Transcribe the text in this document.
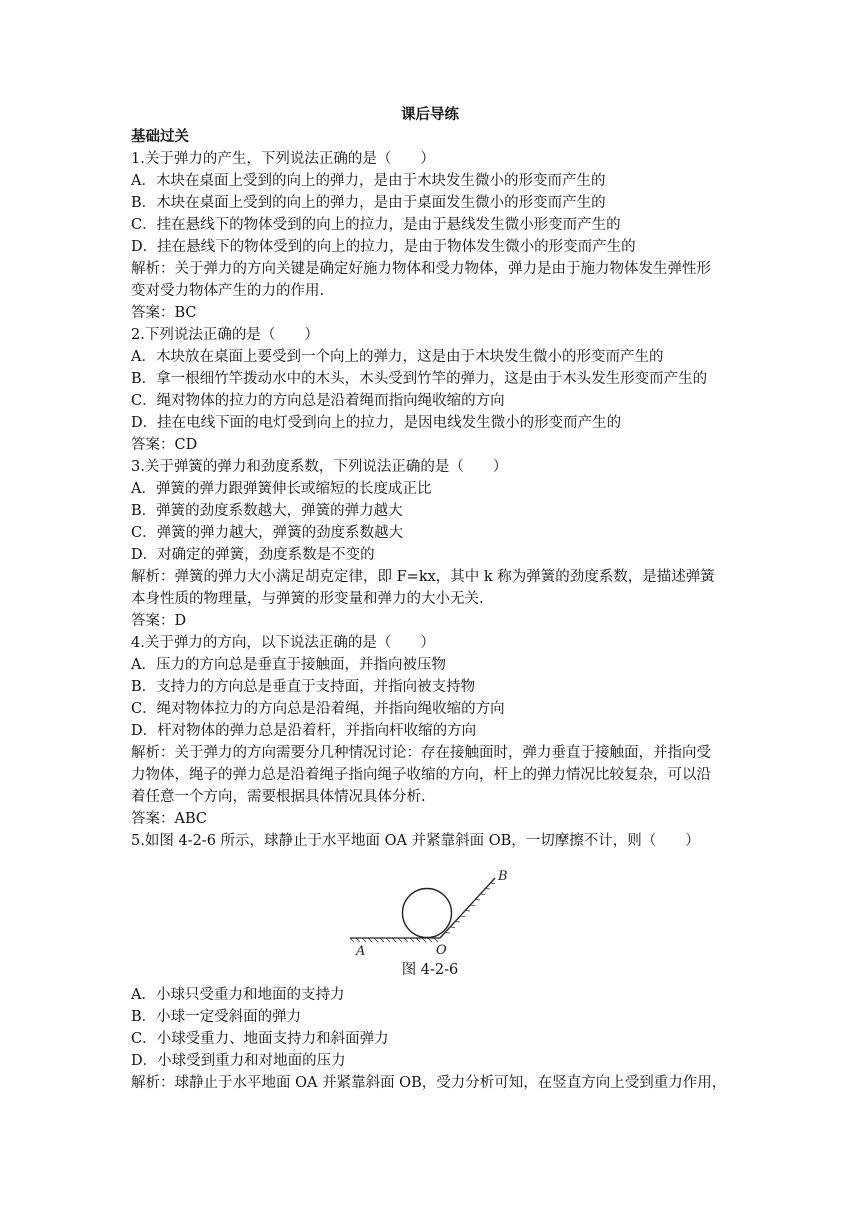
课后导练
基础过关
1.关于弹力的产生，下列说法正确的是（　　）
A．木块在桌面上受到的向上的弹力，是由于木块发生微小的形变而产生的
B．木块在桌面上受到的向上的弹力，是由于桌面发生微小的形变而产生的
C．挂在悬线下的物体受到的向上的拉力，是由于悬线发生微小形变而产生的
D．挂在悬线下的物体受到的向上的拉力，是由于物体发生微小的形变而产生的
解析：关于弹力的方向关键是确定好施力物体和受力物体，弹力是由于施力物体发生弹性形
变对受力物体产生的力的作用.
答案：BC
2.下列说法正确的是（　　）
A．木块放在桌面上要受到一个向上的弹力，这是由于木块发生微小的形变而产生的
B．拿一根细竹竿拨动水中的木头，木头受到竹竿的弹力，这是由于木头发生形变而产生的
C．绳对物体的拉力的方向总是沿着绳而指向绳收缩的方向
D．挂在电线下面的电灯受到向上的拉力，是因电线发生微小的形变而产生的
答案：CD
3.关于弹簧的弹力和劲度系数，下列说法正确的是（　　）
A．弹簧的弹力跟弹簧伸长或缩短的长度成正比
B．弹簧的劲度系数越大，弹簧的弹力越大
C．弹簧的弹力越大，弹簧的劲度系数越大
D．对确定的弹簧，劲度系数是不变的
解析：弹簧的弹力大小满足胡克定律，即 F=kx，其中 k 称为弹簧的劲度系数，是描述弹簧
本身性质的物理量，与弹簧的形变量和弹力的大小无关.
答案：D
4.关于弹力的方向，以下说法正确的是（　　）
A．压力的方向总是垂直于接触面，并指向被压物
B．支持力的方向总是垂直于支持面，并指向被支持物
C．绳对物体拉力的方向总是沿着绳，并指向绳收缩的方向
D．杆对物体的弹力总是沿着杆，并指向杆收缩的方向
解析：关于弹力的方向需要分几种情况讨论：存在接触面时，弹力垂直于接触面，并指向受
力物体，绳子的弹力总是沿着绳子指向绳子收缩的方向，杆上的弹力情况比较复杂，可以沿
着任意一个方向，需要根据具体情况具体分析.
答案：ABC
5.如图 4-2-6 所示，球静止于水平地面 OA 并紧靠斜面 OB，一切摩擦不计，则（　　）
A	O
B
图 4-2-6
A．小球只受重力和地面的支持力
B．小球一定受斜面的弹力
C．小球受重力、地面支持力和斜面弹力
D．小球受到重力和对地面的压力
解析：球静止于水平地面 OA 并紧靠斜面 OB，受力分析可知，在竖直方向上受到重力作用，
